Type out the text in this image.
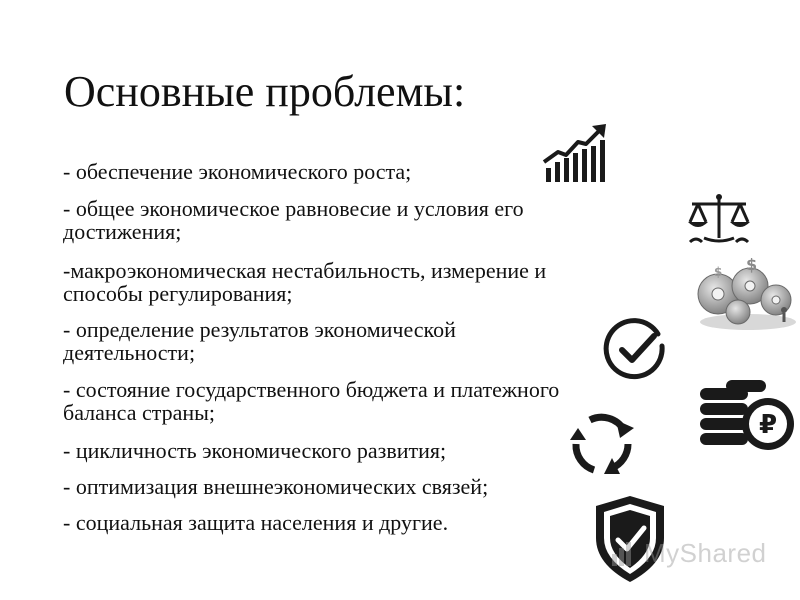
Основные проблемы:
- обеспечение экономического роста;
- общее экономическое равновесие и условия его
достижения;
-макроэкономическая нестабильность, измерение и
способы регулирования;
- определение результатов экономической
деятельности;
- состояние государственного бюджета и платежного
баланса страны;
- цикличность экономического развития;
- оптимизация внешнеэкономических связей;
- социальная защита населения и другие.
$
$
₽
MyShared
